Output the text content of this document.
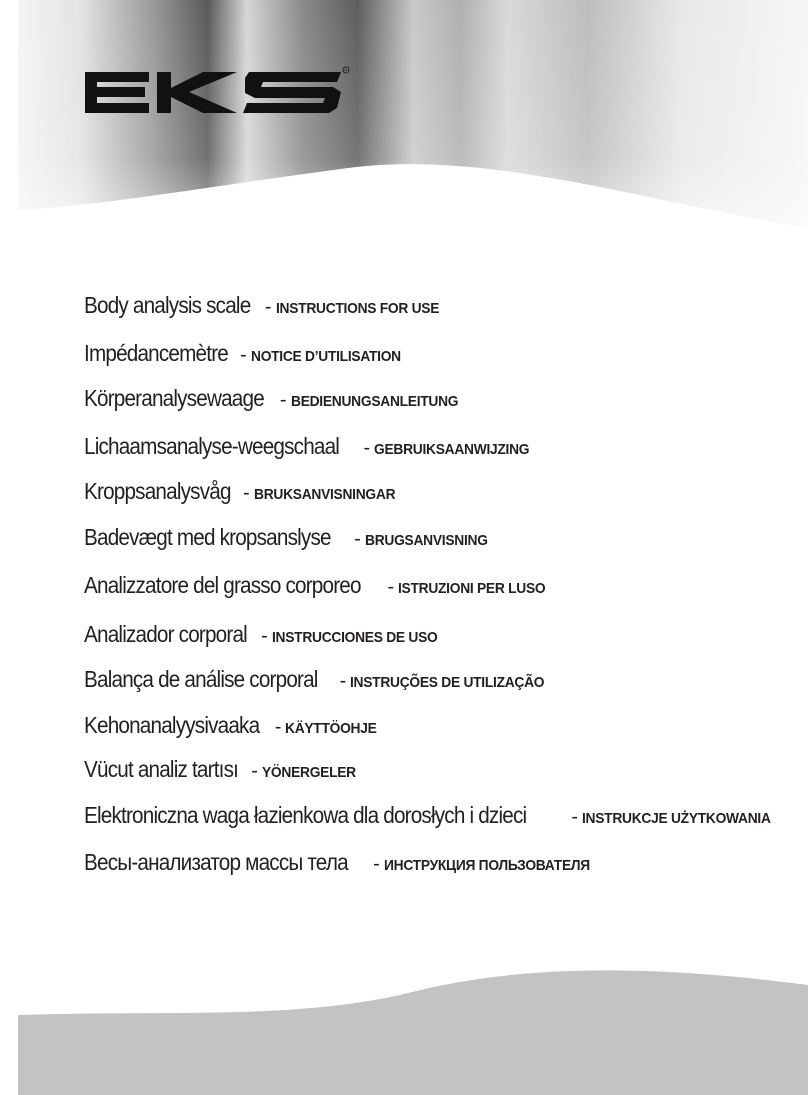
R
Body analysis scale - INSTRUCTIONS FOR USE
Impédancemètre - NOTICE D’UTILISATION
Körperanalysewaage - BEDIENUNGSANLEITUNG
Lichaamsanalyse-weegschaal - GEBRUIKSAANWIJZING
Kroppsanalysvåg - BRUKSANVISNINGAR
Badevægt med kropsanslyse - BRUGSANVISNING
Analizzatore del grasso corporeo - ISTRUZIONI PER LUSO
Analizador corporal - INSTRUCCIONES DE USO
Balança de análise corporal - INSTRUÇÕES DE UTILIZAÇÃO
Kehonanalyysivaaka - KÄYTTÖOHJE
Vücut analiz tartısı - YÖNERGELER
Elektroniczna waga łazienkowa dla dorosłych i dzieci - INSTRUKCJE UŻYTKOWANIA
Весы-анализатор массы тела - ИНСТРУКЦИЯ ПОЛЬЗОВАТЕЛЯ
